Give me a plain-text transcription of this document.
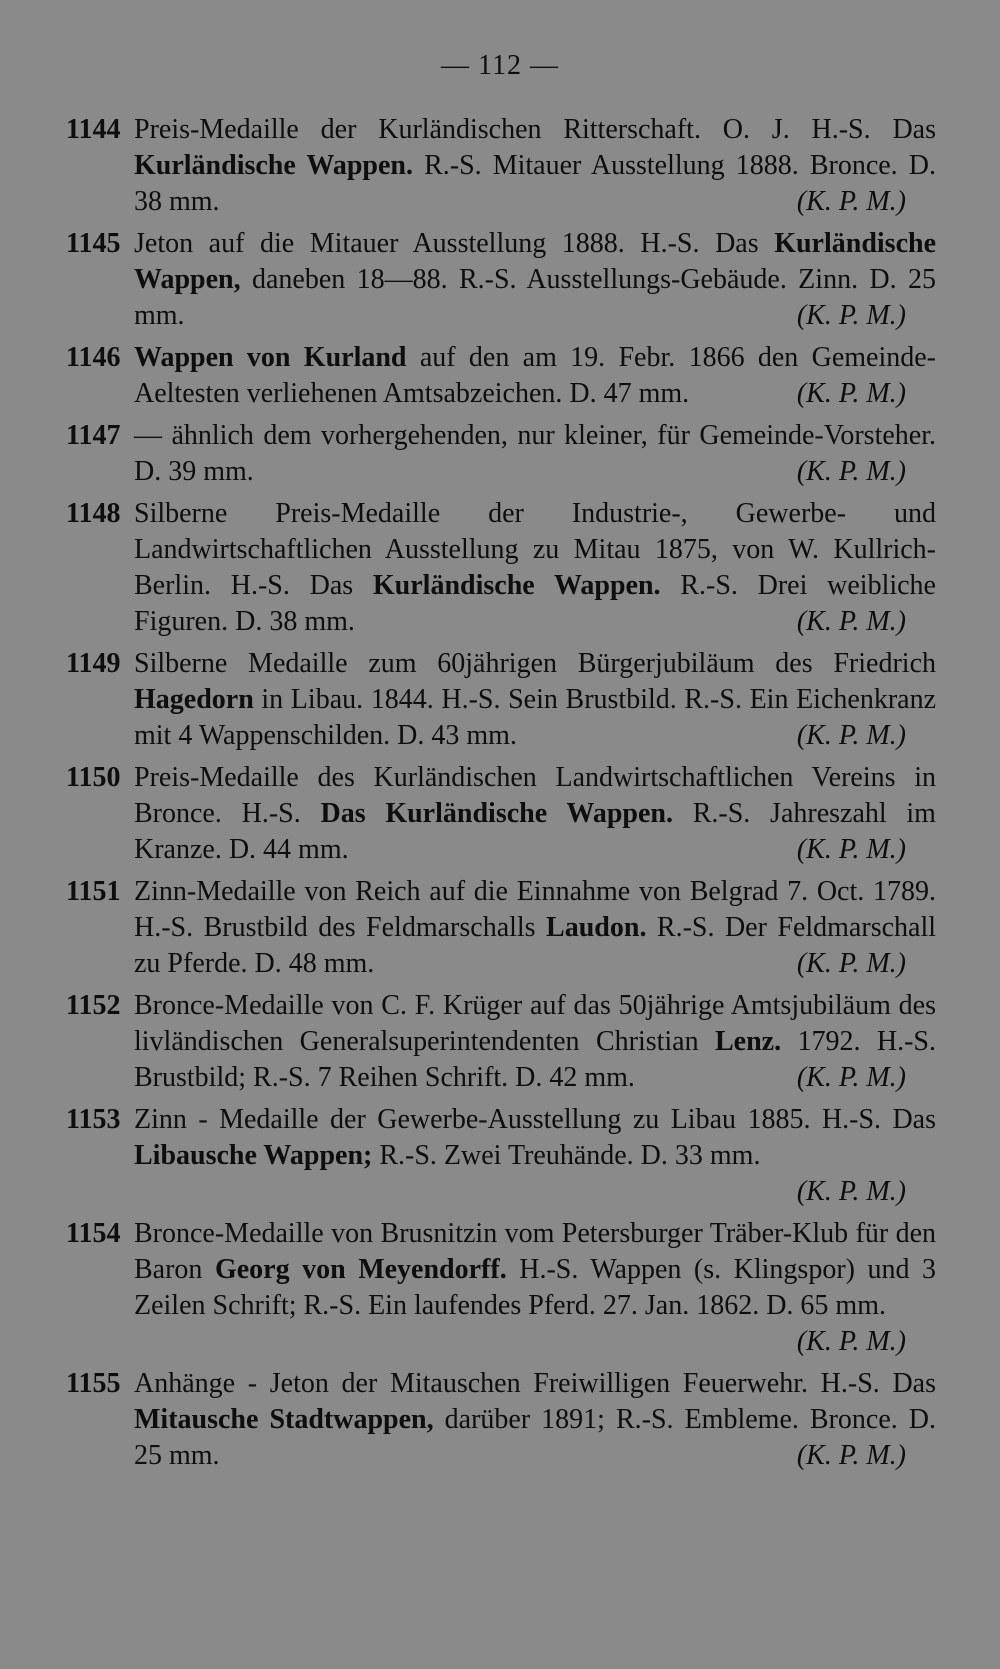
— 112 —
1144 Preis-Medaille der Kurländischen Ritterschaft. O. J. H.-S. Das Kurländische Wappen. R.-S. Mitauer Ausstellung 1888. Bronce. D. 38 mm.	(K. P. M.)
1145 Jeton auf die Mitauer Ausstellung 1888. H.-S. Das Kurländische Wappen, daneben 18—88. R.-S. Ausstellungs-Gebäude. Zinn. D. 25 mm.	(K. P. M.)
1146 Wappen von Kurland auf den am 19. Febr. 1866 den Gemeinde-Aeltesten verliehenen Amtsabzeichen. D. 47 mm.	(K. P. M.)
1147 — ähnlich dem vorhergehenden, nur kleiner, für Gemeinde-Vorsteher. D. 39 mm.	(K. P. M.)
1148 Silberne Preis-Medaille der Industrie-, Gewerbe- und Landwirtschaftlichen Ausstellung zu Mitau 1875, von W. Kullrich-Berlin. H.-S. Das Kurländische Wappen. R.-S. Drei weibliche Figuren. D. 38 mm.	(K. P. M.)
1149 Silberne Medaille zum 60jährigen Bürgerjubiläum des Friedrich Hagedorn in Libau. 1844. H.-S. Sein Brustbild. R.-S. Ein Eichenkranz mit 4 Wappenschilden. D. 43 mm.	(K. P. M.)
1150 Preis-Medaille des Kurländischen Landwirtschaftlichen Vereins in Bronce. H.-S. Das Kurländische Wappen. R.-S. Jahreszahl im Kranze. D. 44 mm.	(K. P. M.)
1151 Zinn-Medaille von Reich auf die Einnahme von Belgrad 7. Oct. 1789. H.-S. Brustbild des Feldmarschalls Laudon. R.-S. Der Feldmarschall zu Pferde. D. 48 mm.	(K. P. M.)
1152 Bronce-Medaille von C. F. Krüger auf das 50jährige Amtsjubiläum des livländischen Generalsuperintendenten Christian Lenz. 1792. H.-S. Brustbild; R.-S. 7 Reihen Schrift. D. 42 mm.	(K. P. M.)
1153 Zinn - Medaille der Gewerbe-Ausstellung zu Libau 1885. H.-S. Das Libausche Wappen; R.-S. Zwei Treuhände. D. 33 mm.
(K. P. M.)
1154 Bronce-Medaille von Brusnitzin vom Petersburger Träber-Klub für den Baron Georg von Meyendorff. H.-S. Wappen (s. Klingspor) und 3 Zeilen Schrift; R.-S. Ein laufendes Pferd. 27. Jan. 1862. D. 65 mm.
(K. P. M.)
1155 Anhänge - Jeton der Mitauschen Freiwilligen Feuerwehr. H.-S. Das Mitausche Stadtwappen, darüber 1891; R.-S. Embleme. Bronce. D. 25 mm.	(K. P. M.)
